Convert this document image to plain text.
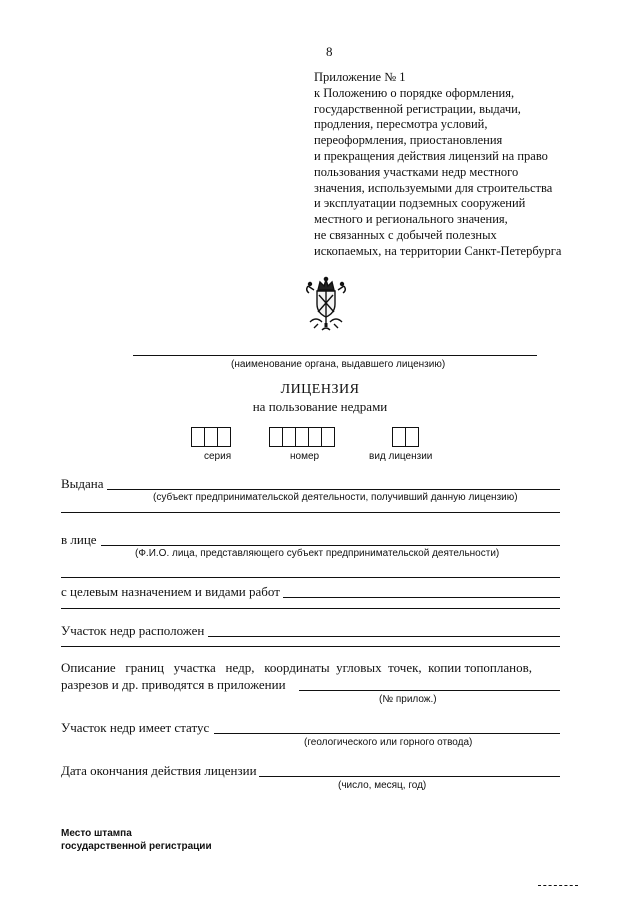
8
Приложение № 1
к Положению о порядке оформления,
государственной регистрации, выдачи,
продления, пересмотра условий,
переоформления, приостановления
и прекращения действия лицензий на право
пользования участками недр местного
значения, используемыми для строительства
и эксплуатации подземных сооружений
местного и регионального значения,
не связанных с добычей полезных
ископаемых, на территории Санкт-Петербурга
(наименование органа, выдавшего лицензию)
ЛИЦЕНЗИЯ
на пользование недрами
серия	номер	вид лицензии
Выдана
(субъект предпринимательской деятельности, получивший данную лицензию)
в лице
(Ф.И.О. лица, представляющего субъект предпринимательской деятельности)
с целевым назначением и видами работ
Участок недр расположен
Описание   границ   участка   недр,   координаты  угловых  точек,  копии топопланов,
разрезов и др. приводятся в приложении
(№ прилож.)
Участок недр имеет статус
(геологического или горного отвода)
Дата окончания действия лицензии
(число, месяц, год)
Место штампа
государственной регистрации
